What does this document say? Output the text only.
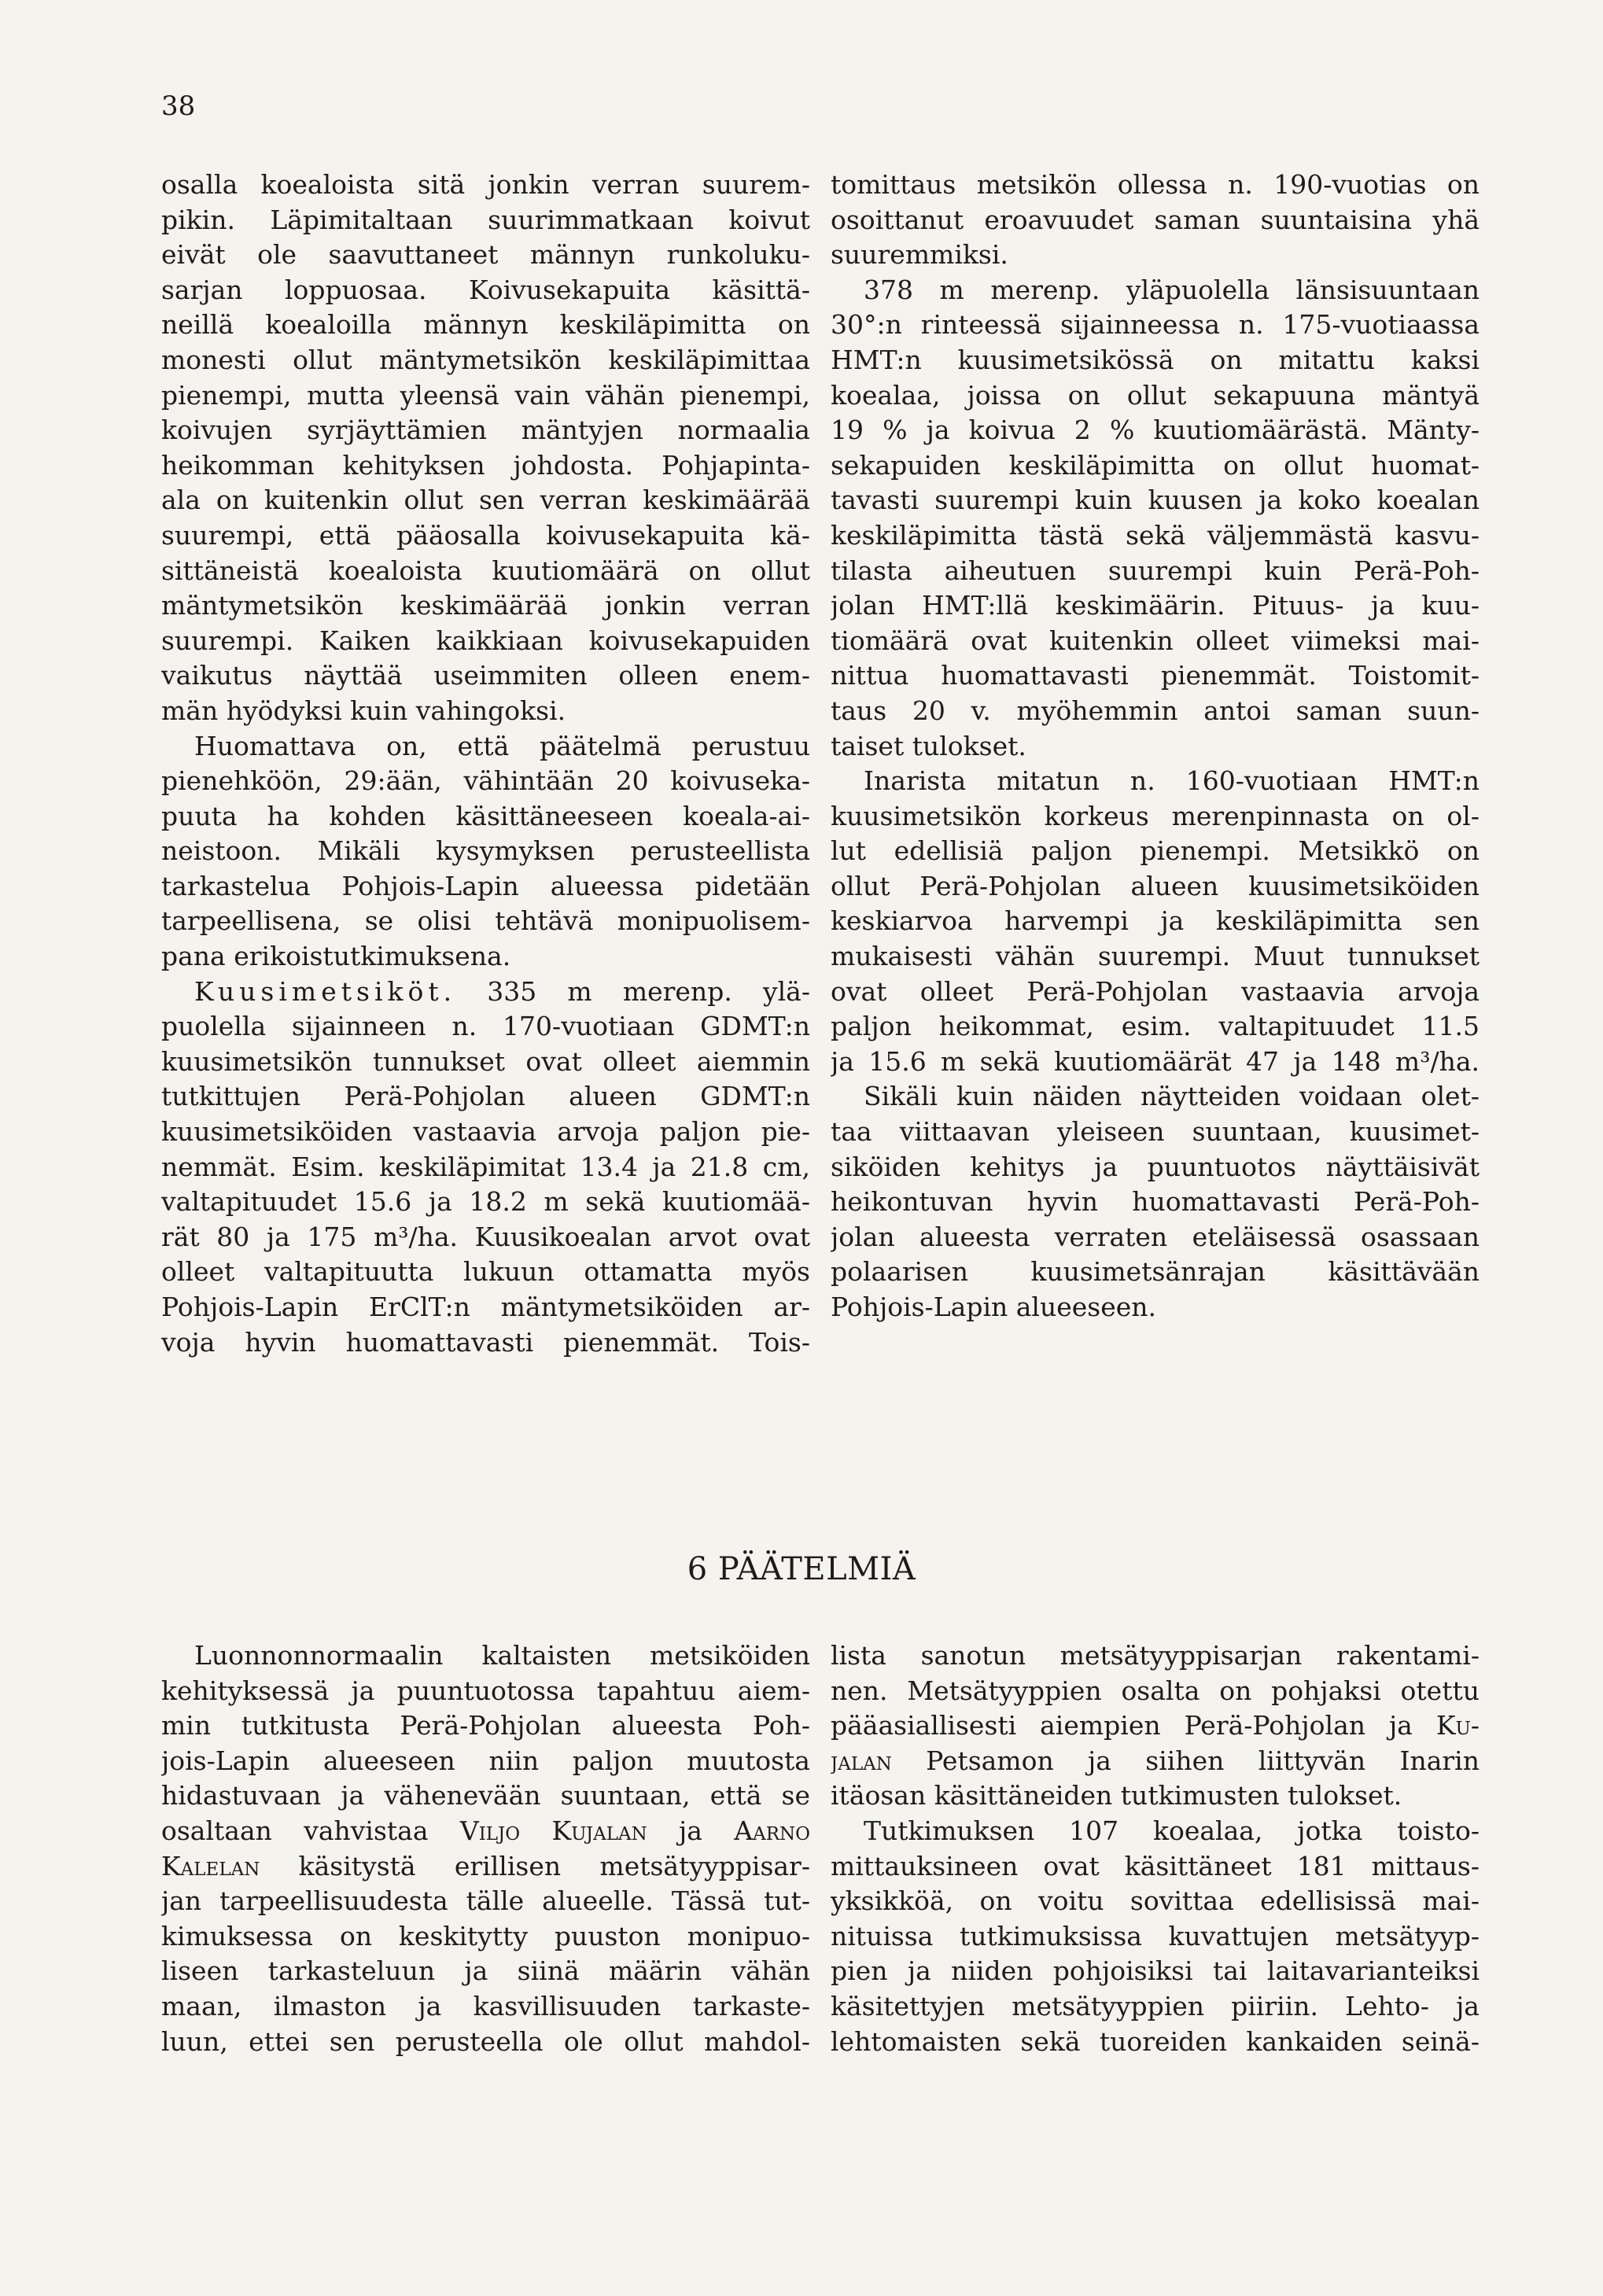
38
osalla koealoista sitä jonkin verran suurem-
pikin. Läpimitaltaan suurimmatkaan koivut
eivät ole saavuttaneet männyn runkoluku-
sarjan loppuosaa. Koivusekapuita käsittä-
neillä koealoilla männyn keskiläpimitta on
monesti ollut mäntymetsikön keskiläpimittaa
pienempi, mutta yleensä vain vähän pienempi,
koivujen syrjäyttämien mäntyjen normaalia
heikomman kehityksen johdosta. Pohjapinta-
ala on kuitenkin ollut sen verran keskimäärää
suurempi, että pääosalla koivusekapuita kä-
sittäneistä koealoista kuutiomäärä on ollut
mäntymetsikön keskimäärää jonkin verran
suurempi. Kaiken kaikkiaan koivusekapuiden
vaikutus näyttää useimmiten olleen enem-
män hyödyksi kuin vahingoksi.
Huomattava on, että päätelmä perustuu
pienehköön, 29:ään, vähintään 20 koivuseka-
puuta ha kohden käsittäneeseen koeala-ai-
neistoon. Mikäli kysymyksen perusteellista
tarkastelua Pohjois-Lapin alueessa pidetään
tarpeellisena, se olisi tehtävä monipuolisem-
pana erikoistutkimuksena.
Kuusimetsiköt. 335 m merenp. ylä-
puolella sijainneen n. 170-vuotiaan GDMT:n
kuusimetsikön tunnukset ovat olleet aiemmin
tutkittujen Perä-Pohjolan alueen GDMT:n
kuusimetsiköiden vastaavia arvoja paljon pie-
nemmät. Esim. keskiläpimitat 13.4 ja 21.8 cm,
valtapituudet 15.6 ja 18.2 m sekä kuutiomää-
rät 80 ja 175 m³/ha. Kuusikoealan arvot ovat
olleet valtapituutta lukuun ottamatta myös
Pohjois-Lapin ErClT:n mäntymetsiköiden ar-
voja hyvin huomattavasti pienemmät. Tois-
tomittaus metsikön ollessa n. 190-vuotias on
osoittanut eroavuudet saman suuntaisina yhä
suuremmiksi.
378 m merenp. yläpuolella länsisuuntaan
30°:n rinteessä sijainneessa n. 175-vuotiaassa
HMT:n kuusimetsikössä on mitattu kaksi
koealaa, joissa on ollut sekapuuna mäntyä
19 % ja koivua 2 % kuutiomäärästä. Mänty-
sekapuiden keskiläpimitta on ollut huomat-
tavasti suurempi kuin kuusen ja koko koealan
keskiläpimitta tästä sekä väljemmästä kasvu-
tilasta aiheutuen suurempi kuin Perä-Poh-
jolan HMT:llä keskimäärin. Pituus- ja kuu-
tiomäärä ovat kuitenkin olleet viimeksi mai-
nittua huomattavasti pienemmät. Toistomit-
taus 20 v. myöhemmin antoi saman suun-
taiset tulokset.
Inarista mitatun n. 160-vuotiaan HMT:n
kuusimetsikön korkeus merenpinnasta on ol-
lut edellisiä paljon pienempi. Metsikkö on
ollut Perä-Pohjolan alueen kuusimetsiköiden
keskiarvoa harvempi ja keskiläpimitta sen
mukaisesti vähän suurempi. Muut tunnukset
ovat olleet Perä-Pohjolan vastaavia arvoja
paljon heikommat, esim. valtapituudet 11.5
ja 15.6 m sekä kuutiomäärät 47 ja 148 m³/ha.
Sikäli kuin näiden näytteiden voidaan olet-
taa viittaavan yleiseen suuntaan, kuusimet-
siköiden kehitys ja puuntuotos näyttäisivät
heikontuvan hyvin huomattavasti Perä-Poh-
jolan alueesta verraten eteläisessä osassaan
polaarisen kuusimetsänrajan käsittävään
Pohjois-Lapin alueeseen.
6 PÄÄTELMIÄ
Luonnonnormaalin kaltaisten metsiköiden
kehityksessä ja puuntuotossa tapahtuu aiem-
min tutkitusta Perä-Pohjolan alueesta Poh-
jois-Lapin alueeseen niin paljon muutosta
hidastuvaan ja vähenevään suuntaan, että se
osaltaan vahvistaa Viljo Kujalan ja Aarno
Kalelan käsitystä erillisen metsätyyppisar-
jan tarpeellisuudesta tälle alueelle. Tässä tut-
kimuksessa on keskitytty puuston monipuo-
liseen tarkasteluun ja siinä määrin vähän
maan, ilmaston ja kasvillisuuden tarkaste-
luun, ettei sen perusteella ole ollut mahdol-
lista sanotun metsätyyppisarjan rakentami-
nen. Metsätyyppien osalta on pohjaksi otettu
pääasiallisesti aiempien Perä-Pohjolan ja Ku-
jalan Petsamon ja siihen liittyvän Inarin
itäosan käsittäneiden tutkimusten tulokset.
Tutkimuksen 107 koealaa, jotka toisto-
mittauksineen ovat käsittäneet 181 mittaus-
yksikköä, on voitu sovittaa edellisissä mai-
nituissa tutkimuksissa kuvattujen metsätyyp-
pien ja niiden pohjoisiksi tai laitavarianteiksi
käsitettyjen metsätyyppien piiriin. Lehto- ja
lehtomaisten sekä tuoreiden kankaiden seinä-
